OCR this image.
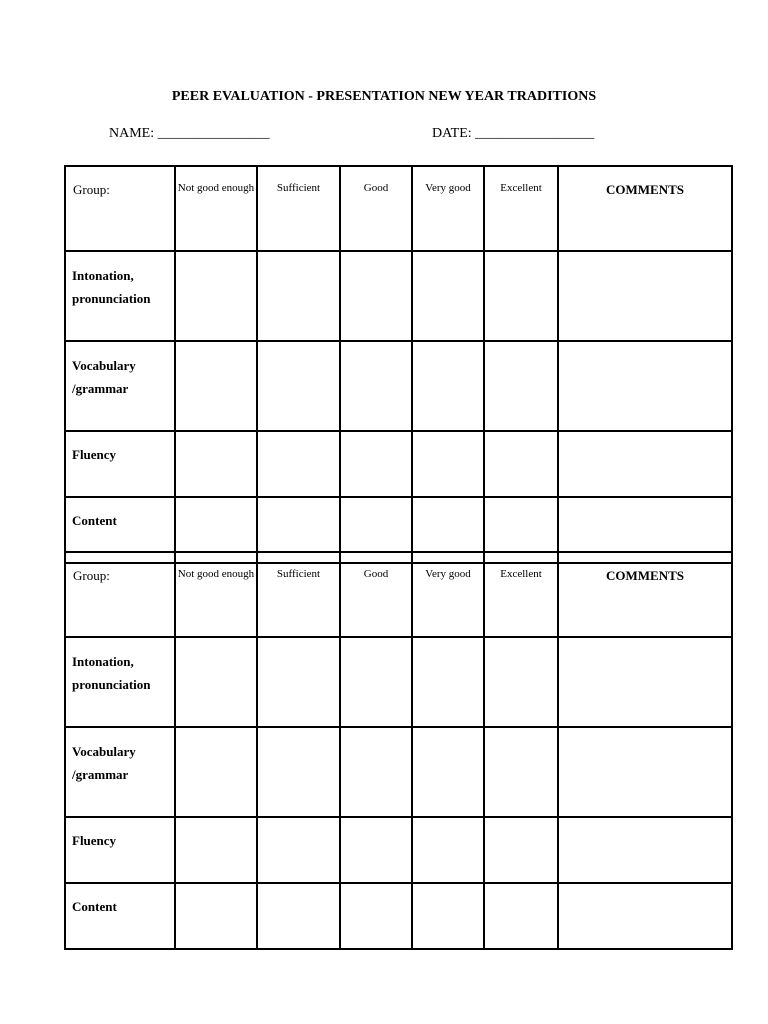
PEER EVALUATION - PRESENTATION NEW YEAR TRADITIONS
NAME: ________________	DATE: _________________
Group:	Not good enough	Sufficient	Good	Very good	Excellent	COMMENTS
Intonation, pronunciation						
Vocabulary /grammar						
Fluency						
Content						
Group:	Not good enough	Sufficient	Good	Very good	Excellent	COMMENTS
Intonation, pronunciation						
Vocabulary /grammar						
Fluency						
Content						
